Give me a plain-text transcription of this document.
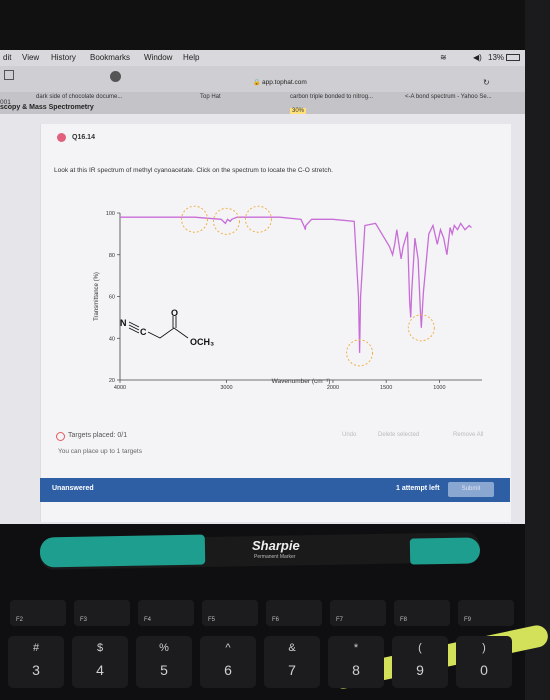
dit View History Bookmarks Window Help	≋	◀) 13%
🔒 app.tophat.com	↻
dark side of chocolate docume...	Top Hat	carbon triple bonded to nitrog...	<-A bond spectrum - Yahoo Se...
001
scopy & Mass Spectrometry	30%
Q16.14
Look at this IR spectrum of methyl cyanoacetate. Click on the spectrum to locate the C-O stretch.
100
80
60
40
20
4000	3000	2000	1500	1000
Wavenumber (cm⁻¹)
Transmittance (%)
N
C
O
OCH₃
Targets placed: 0/1
You can place up to 1 targets
Undo	Delete selected	Remove All
Unanswered	1 attempt left	Submit
Sharpie
Permanent Marker
F2	F3	F4	F5	F6	F7	F8	F9
#
3
$
4
%
5
^
6
&
7
*
8
(
9
)
0
